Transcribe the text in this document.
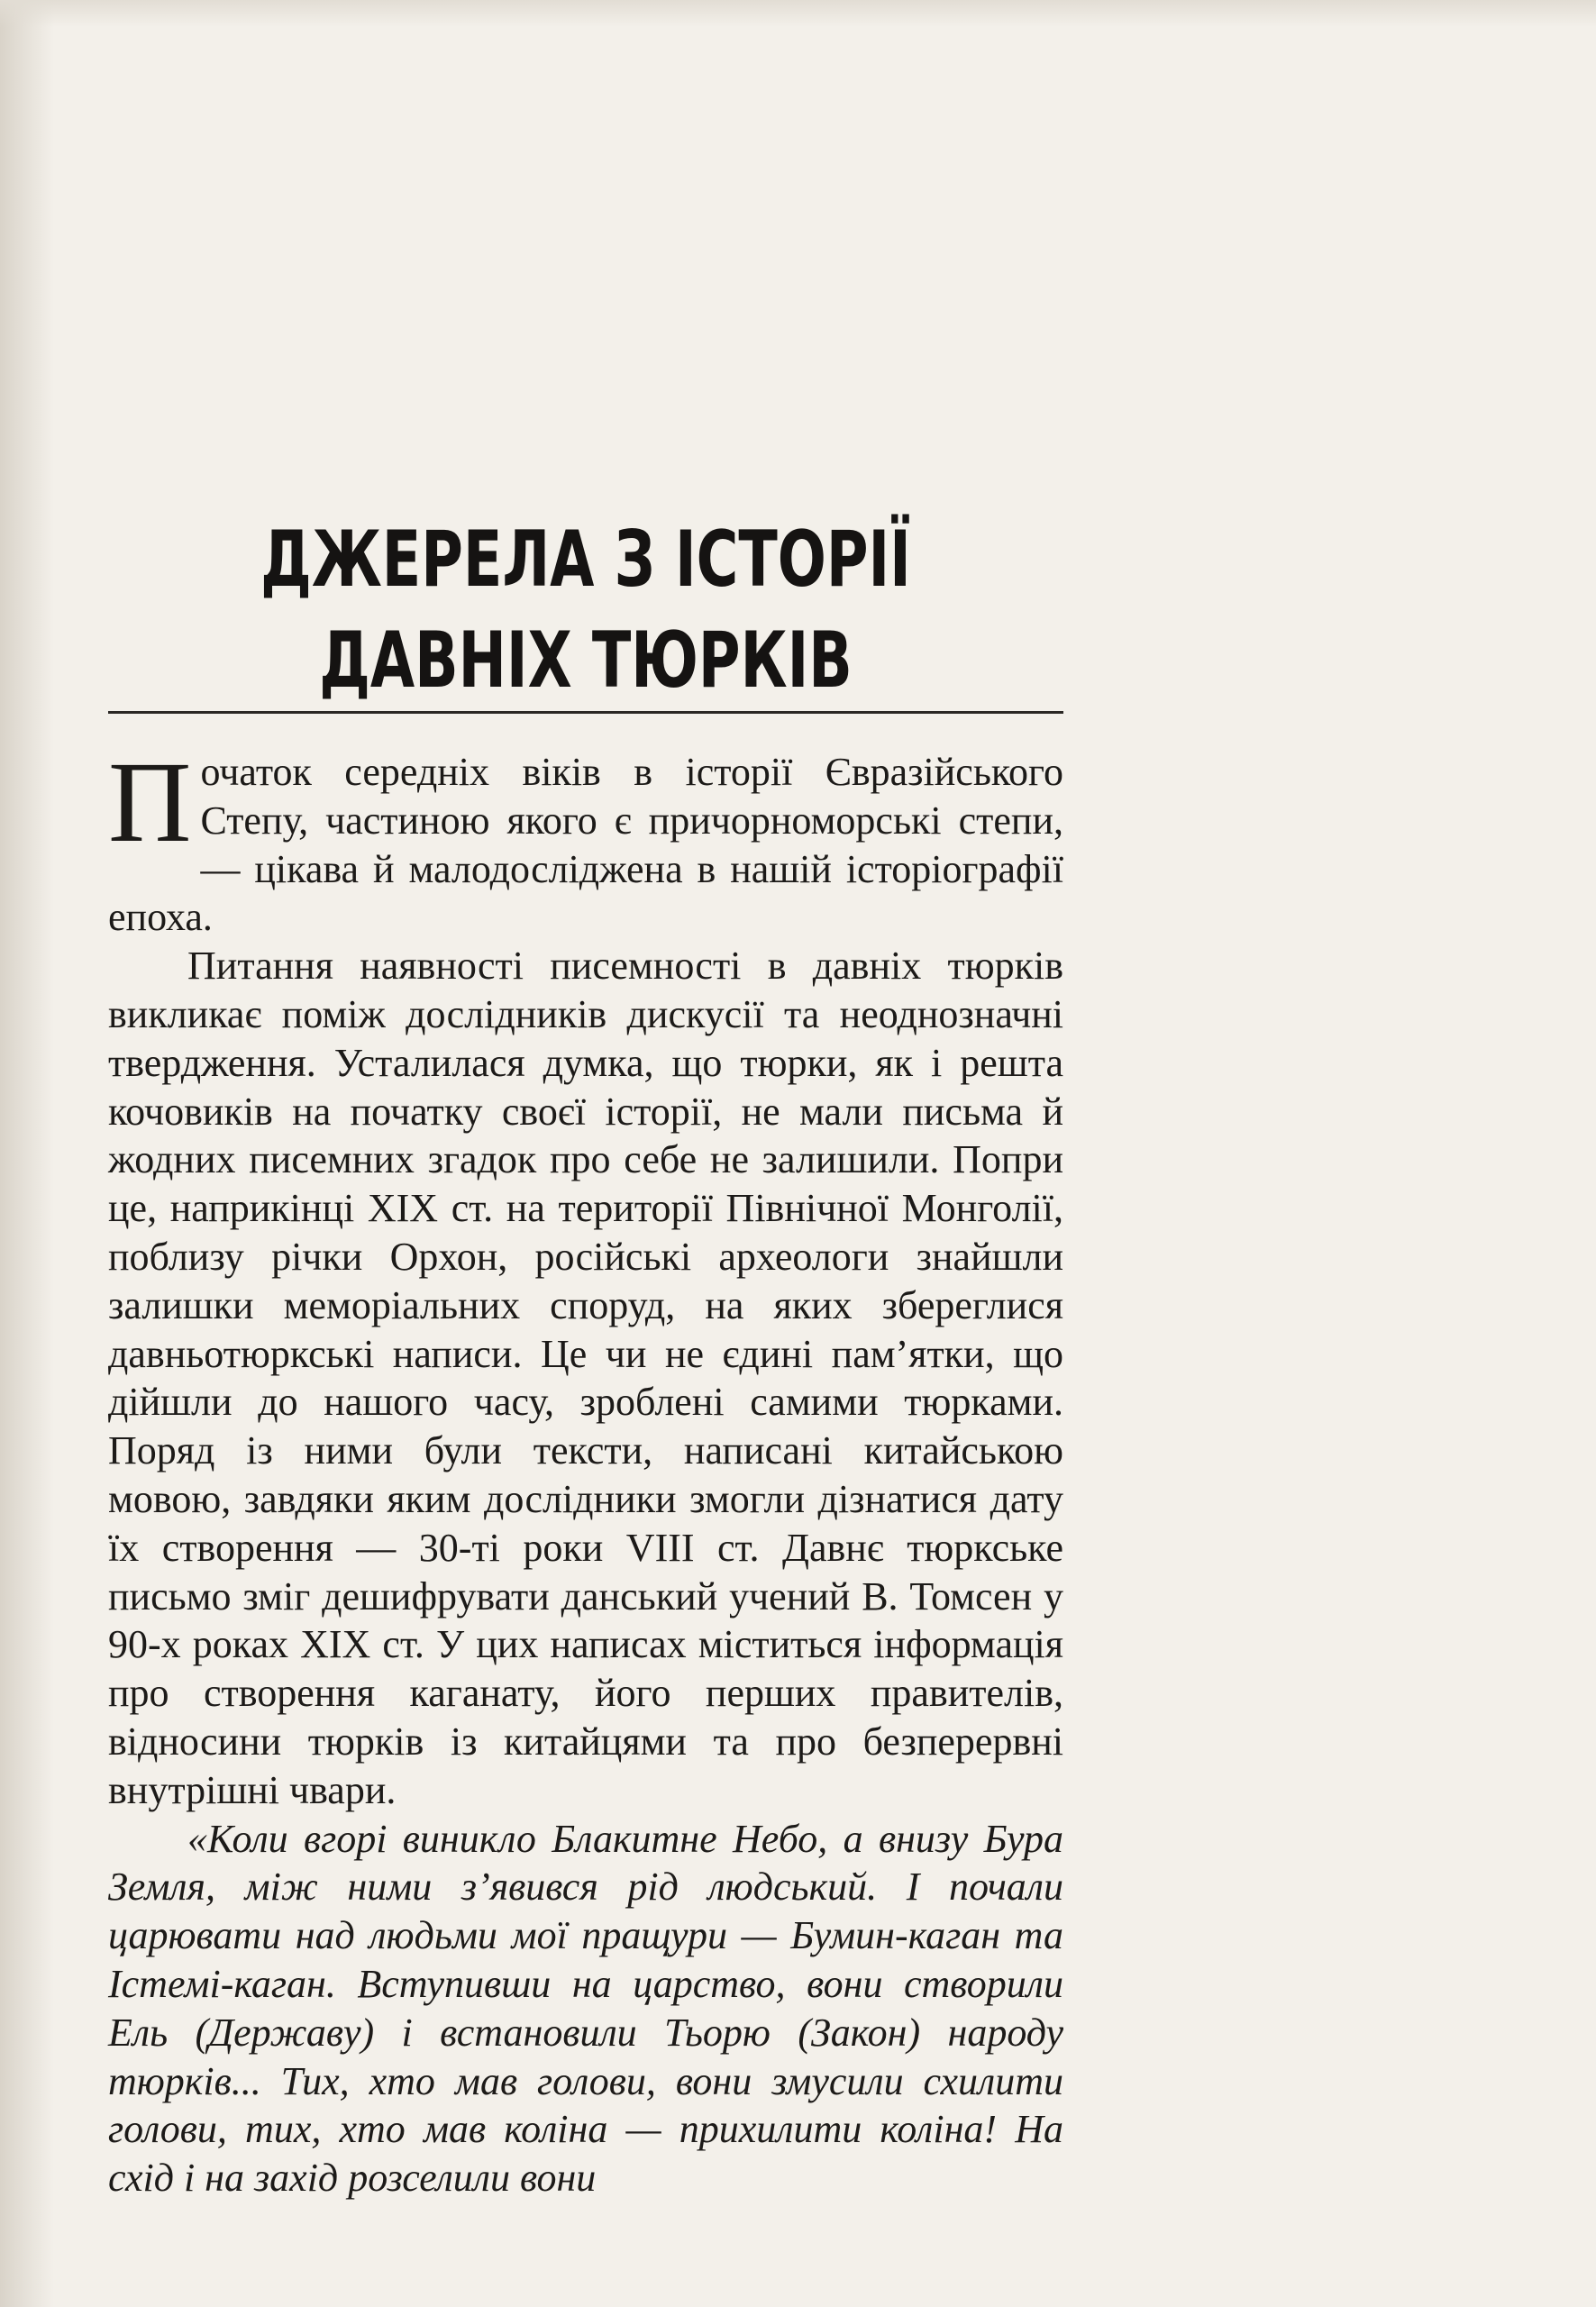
ДЖЕРЕЛА З ІСТОРІЇ
ДАВНІХ ТЮРКІВ

Початок середніх віків в історії Євразійського Степу, частиною якого є причорноморські степи, — цікава й малодосліджена в нашій історіографії епоха.

Питання наявності писемності в давніх тюрків викликає поміж дослідників дискусії та неоднозначні твердження. Усталилася думка, що тюрки, як і решта кочовиків на початку своєї історії, не мали письма й жодних писемних згадок про себе не залишили. Попри це, наприкінці XIX ст. на території Північної Монголії, поблизу річки Орхон, російські археологи знайшли залишки меморіальних споруд, на яких збереглися давньотюркські написи. Це чи не єдині пам’ятки, що дійшли до нашого часу, зроблені самими тюрками. Поряд із ними були тексти, написані китайською мовою, завдяки яким дослідники змогли дізнатися дату їх створення — 30-ті роки VIII ст. Давнє тюркське письмо зміг дешифрувати данський учений В. Томсен у 90-х роках XIX ст. У цих написах міститься інформація про створення каганату, його перших правителів, відносини тюрків із китайцями та про безперервні внутрішні чвари.

«Коли вгорі виникло Блакитне Небо, а внизу Бура Земля, між ними з’явився рід людський. І почали царювати над людьми мої пращури — Бумин-каган та Істемі-каган. Вступивши на царство, вони створили Ель (Державу) і встановили Тьорю (Закон) народу тюрків... Тих, хто мав голови, вони змусили схилити голови, тих, хто мав коліна — прихилити коліна! На схід і на захід розселили вони
